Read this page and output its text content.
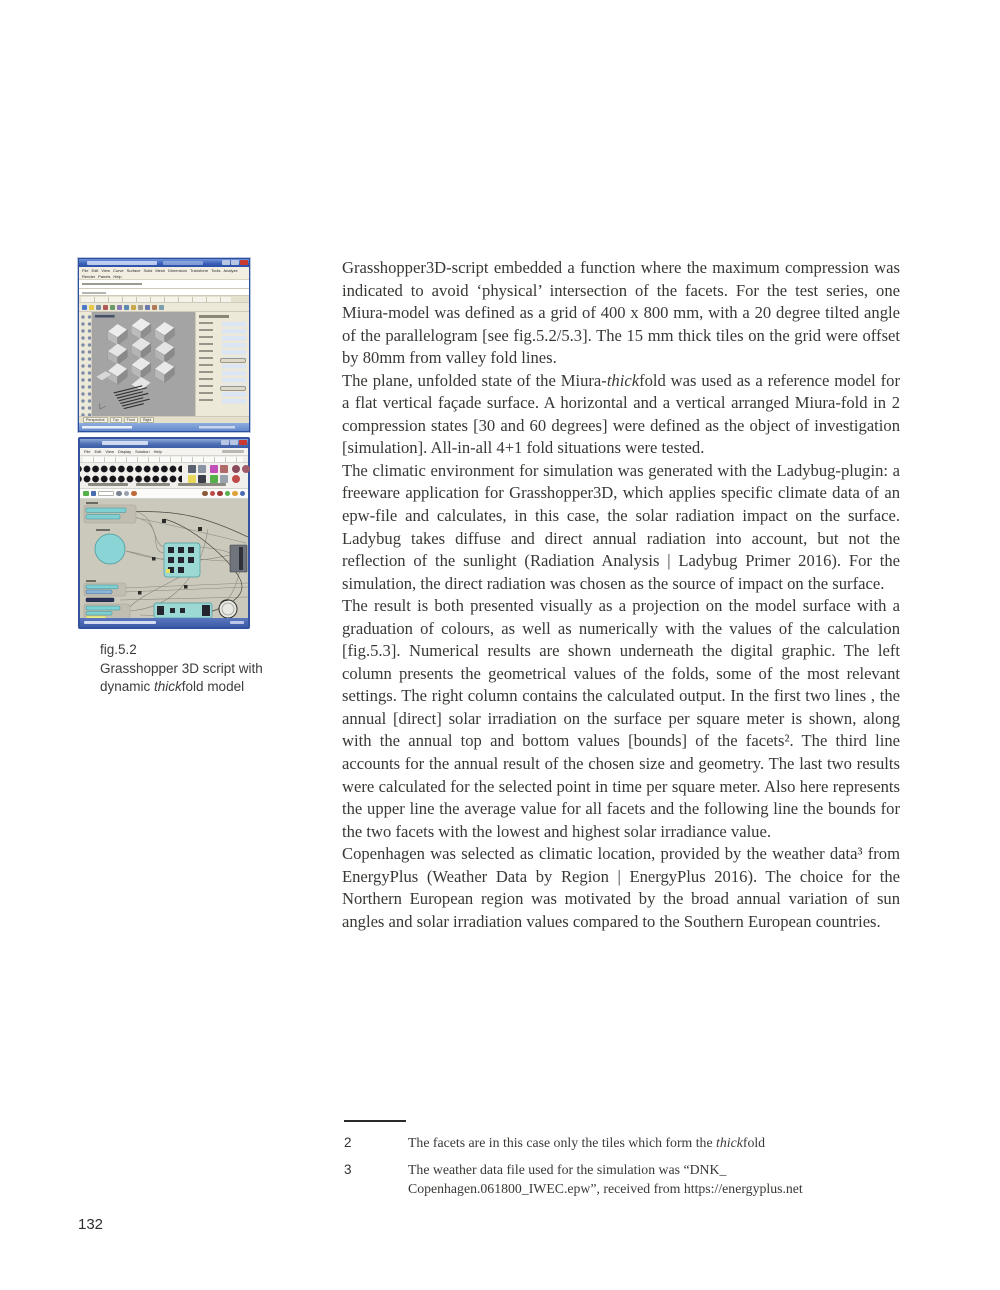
File Edit View Curve Surface Solid Mesh Dimension Transform Tools Analyze
Render Panels Help
Perspective	Top	Front	Right
File Edit View Display Solution Help
fig.5.2
Grasshopper 3D script with
dynamic thickfold model

Grasshopper3D-script embedded a function where the maximum compression was indicated to avoid ‘physical’ intersection of the facets. For the test series, one Miura-model was defined as a grid of 400 x 800 mm, with a 20 degree tilted angle of the parallelogram [see fig.5.2/5.3]. The 15 mm thick tiles on the grid were offset by 80mm from valley fold lines.

The plane, unfolded state of the Miura-thickfold was used as a reference model for a flat vertical façade surface. A horizontal and a vertical arranged Miura-fold in 2 compression states [30 and 60 degrees] were defined as the object of investigation [simulation]. All-in-all 4+1 fold situations were tested.

The climatic environment for simulation was generated with the Ladybug-plugin: a freeware application for Grasshopper3D, which applies specific climate data of an epw-file and calculates, in this case, the solar radiation impact on the surface. Ladybug takes diffuse and direct annual radiation into account, but not the reflection of the sunlight (Radiation Analysis | Ladybug Primer 2016). For the simulation, the direct radiation was chosen as the source of impact on the surface.

The result is both presented visually as a projection on the model surface with a graduation of colours, as well as numerically with the values of the calculation [fig.5.3]. Numerical results are shown underneath the digital graphic. The left column presents the geometrical values of the folds, some of the most relevant settings. The right column contains the calculated output. In the first two lines , the annual [direct] solar irradiation on the surface per square meter is shown, along with the annual top and bottom values [bounds] of the facets². The third line accounts for the annual result of the chosen size and geometry. The last two results were calculated for the selected point in time per square meter. Also here represents the upper line the average value for all facets and the following line the bounds for the two facets with the lowest and highest solar irradiance value.

Copenhagen was selected as climatic location, provided by the weather data³ from EnergyPlus (Weather Data by Region | EnergyPlus 2016). The choice for the Northern European region was motivated by the broad annual variation of sun angles and solar irradiation values compared to the Southern European countries.

2	The facets are in this case only the tiles which form the thickfold
3	The weather data file used for the simulation was “DNK_
Copenhagen.061800_IWEC.epw”, received from https://energyplus.net
132
